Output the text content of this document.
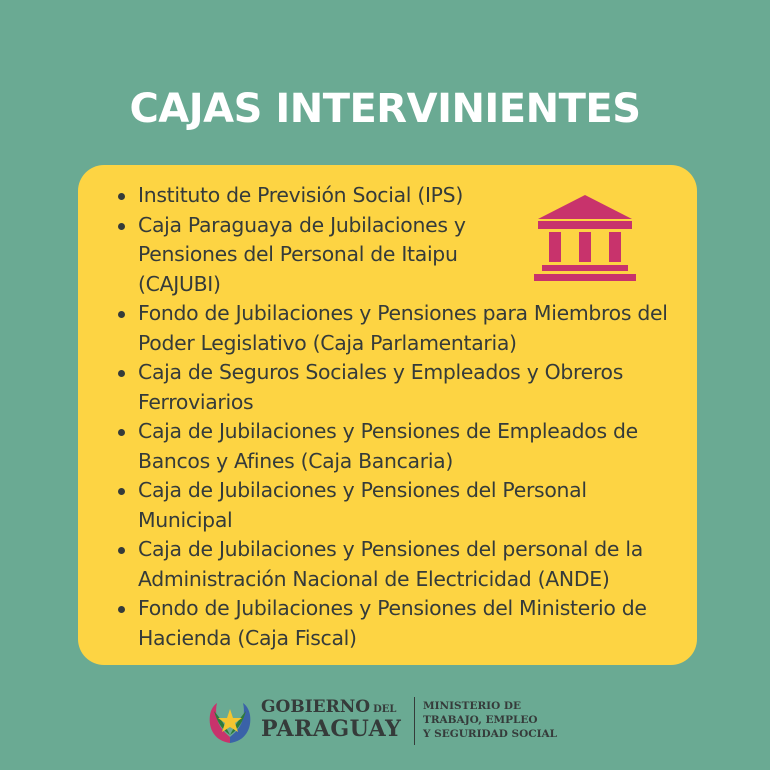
CAJAS INTERVINIENTES
Instituto de Previsión Social (IPS)
Caja Paraguaya de Jubilaciones y Pensiones del Personal de Itaipu (CAJUBI)
Fondo de Jubilaciones y Pensiones para Miembros del Poder Legislativo (Caja Parlamentaria)
Caja de Seguros Sociales y Empleados y Obreros Ferroviarios
Caja de Jubilaciones y Pensiones de Empleados de Bancos y Afines (Caja Bancaria)
Caja de Jubilaciones y Pensiones del Personal Municipal
Caja de Jubilaciones y Pensiones del personal de la Administración Nacional de Electricidad (ANDE)
Fondo de Jubilaciones y Pensiones del Ministerio de Hacienda (Caja Fiscal)
GOBIERNO DEL
PARAGUAY
MINISTERIO DE
TRABAJO, EMPLEO
Y SEGURIDAD SOCIAL
